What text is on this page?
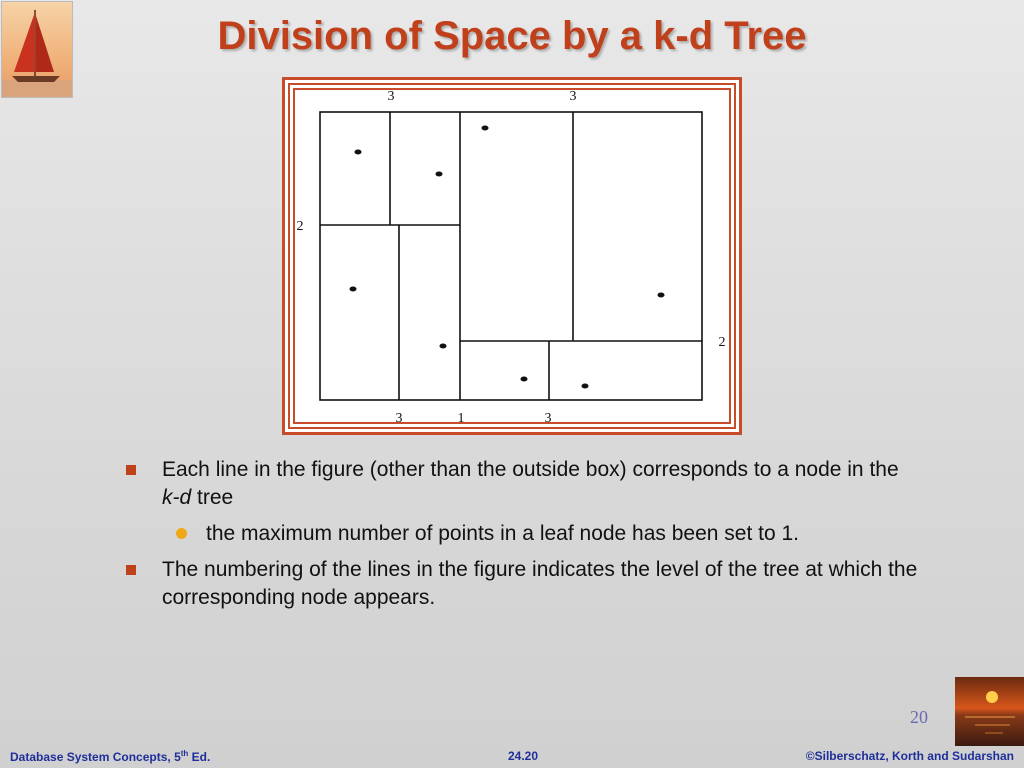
Division of Space by a k-d Tree
3	3
2
2
3	1	3
Each line in the figure (other than the outside box) corresponds to a node in the k-d tree
the maximum number of points in a leaf node has been set to 1.
The numbering of the lines in the figure indicates the level of the tree at which the corresponding node appears.
20
Database System Concepts, 5th Ed.	24.20	©Silberschatz, Korth and Sudarshan
